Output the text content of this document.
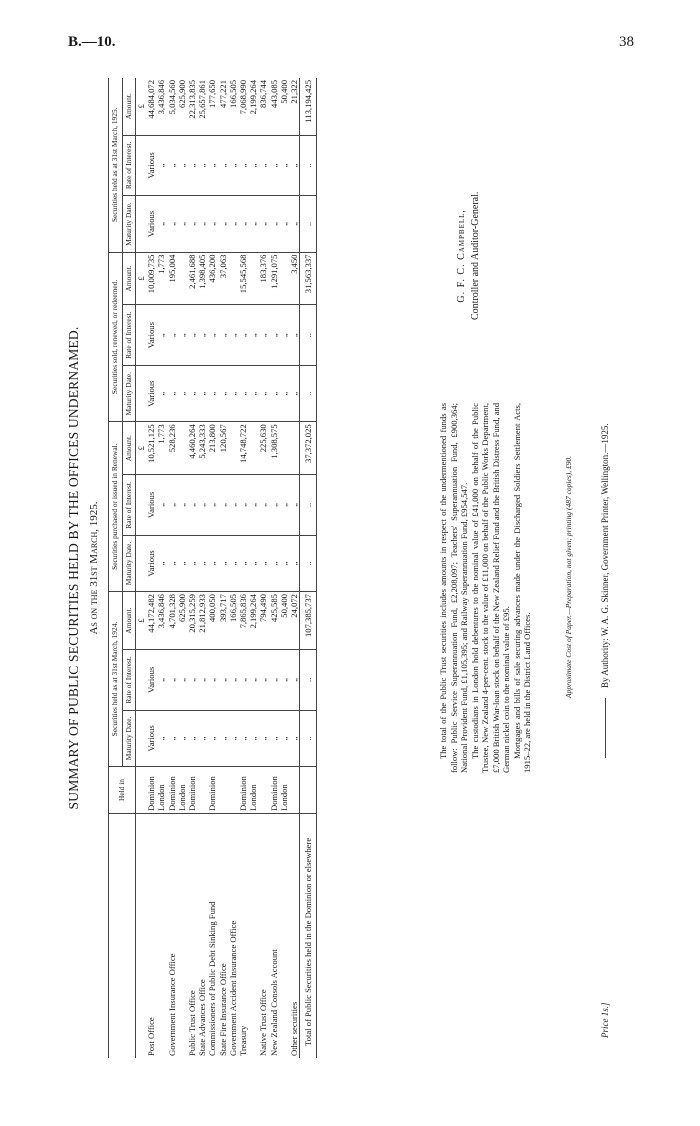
B.—10.	38
SUMMARY OF PUBLIC SECURITIES HELD BY THE OFFICES UNDERNAMED. As on the 31st March, 1925.
	Held in	Securities held as at 31st March, 1924.			Securities purchased or issued in Renewal.			Securities sold, renewed, or redeemed.			Securities held as at 31st March, 1925.		
		Maturity Date.	Rate of Interest.	Amount.	Maturity Date.	Rate of Interest.	Amount.	Maturity Date.	Rate of Interest.	Amount.	Maturity Date.	Rate of Interest.	Amount.
				£			£			£			£
Post Office	Dominion	Various	Various	44,172,482	Various	Various	10,521,125	Various	Various	10,009,735	Various	Various	44,684,072
	London	„	„	3,436,846	„	„	1,773	„	„	1,773	„	„	3,436,846
Government Insurance Office	Dominion	„	„	4,701,328	„	„	528,236	„	„	195,004	„	„	5,034,560
	London	„	„	625,900	„	„		„	„		„	„	625,900
Public Trust Office	Dominion	„	„	20,315,259	„	„	4,460,264	„	„	2,461,688	„	„	22,313,835
State Advances Office		„	„	21,812,933	„	„	5,243,333	„	„	1,398,405	„	„	25,657,861
Commissioners of Public Debt Sinking Fund	Dominion	„	„	400,050	„	„	213,800	„	„	436,200	„	„	177,650
State Fire Insurance Office		„	„	393,717	„	„	120,567	„	„	37,063	„	„	477,221
Government Accident Insurance Office		„	„	166,505	„	„		„	„		„	„	166,505
Treasury	Dominion	„	„	7,865,836	„	„	14,748,722	„	„	15,545,568	„	„	7,068,990
	London	„	„	2,199,264	„	„		„	„		„	„	2,199,264
Native Trust Office		„	„	794,490	„	„	225,630	„	„	183,376	„	„	836,744
New Zealand Consols Account	Dominion	„	„	425,585	„	„	1,308,575	„	„	1,291,075	„	„	443,085
	London	„	„	50,400	„	„		„	„		„	„	50,400
Other securities		„	„	24,072	„	„		„	„	3,450	„	„	21,322
Total of Public Securities held in the Dominion or elsewhere		..	..	107,385,737	..	..	37,372,025	..	..	31,563,337	..	..	113,194,425

The total of the Public Trust securities includes amounts in respect of the undermentioned funds as follow: Public Service Superannuation Fund, £2,208,097; Teachers' Superannuation Fund, £900,364; National Provident Fund, £1,105,395; and Railway Superannuation Fund, £954,547. The custodians in London hold debentures to the nominal value of £41,000 on behalf of the Public Trustee, New Zealand 4-per-cent. stock to the value of £11,000 on behalf of the Public Works Department, £7,000 British War-loan stock on behalf of the New Zealand Relief Fund and the British Distress Fund, and German nickel coin to the nominal value of £95. Mortgages and bills of sale securing advances made under the Discharged Soldiers Settlement Acts, 1915–22, are held in the District Land Offices.

G. F. C. Campbell, Controller and Auditor-General.
Approximate Cost of Paper.—Preparation, not given; printing (487 copies), £90.
Price 1s.]
By Authority: W. A. G. Skinner, Government Printer, Wellington.—1925.
